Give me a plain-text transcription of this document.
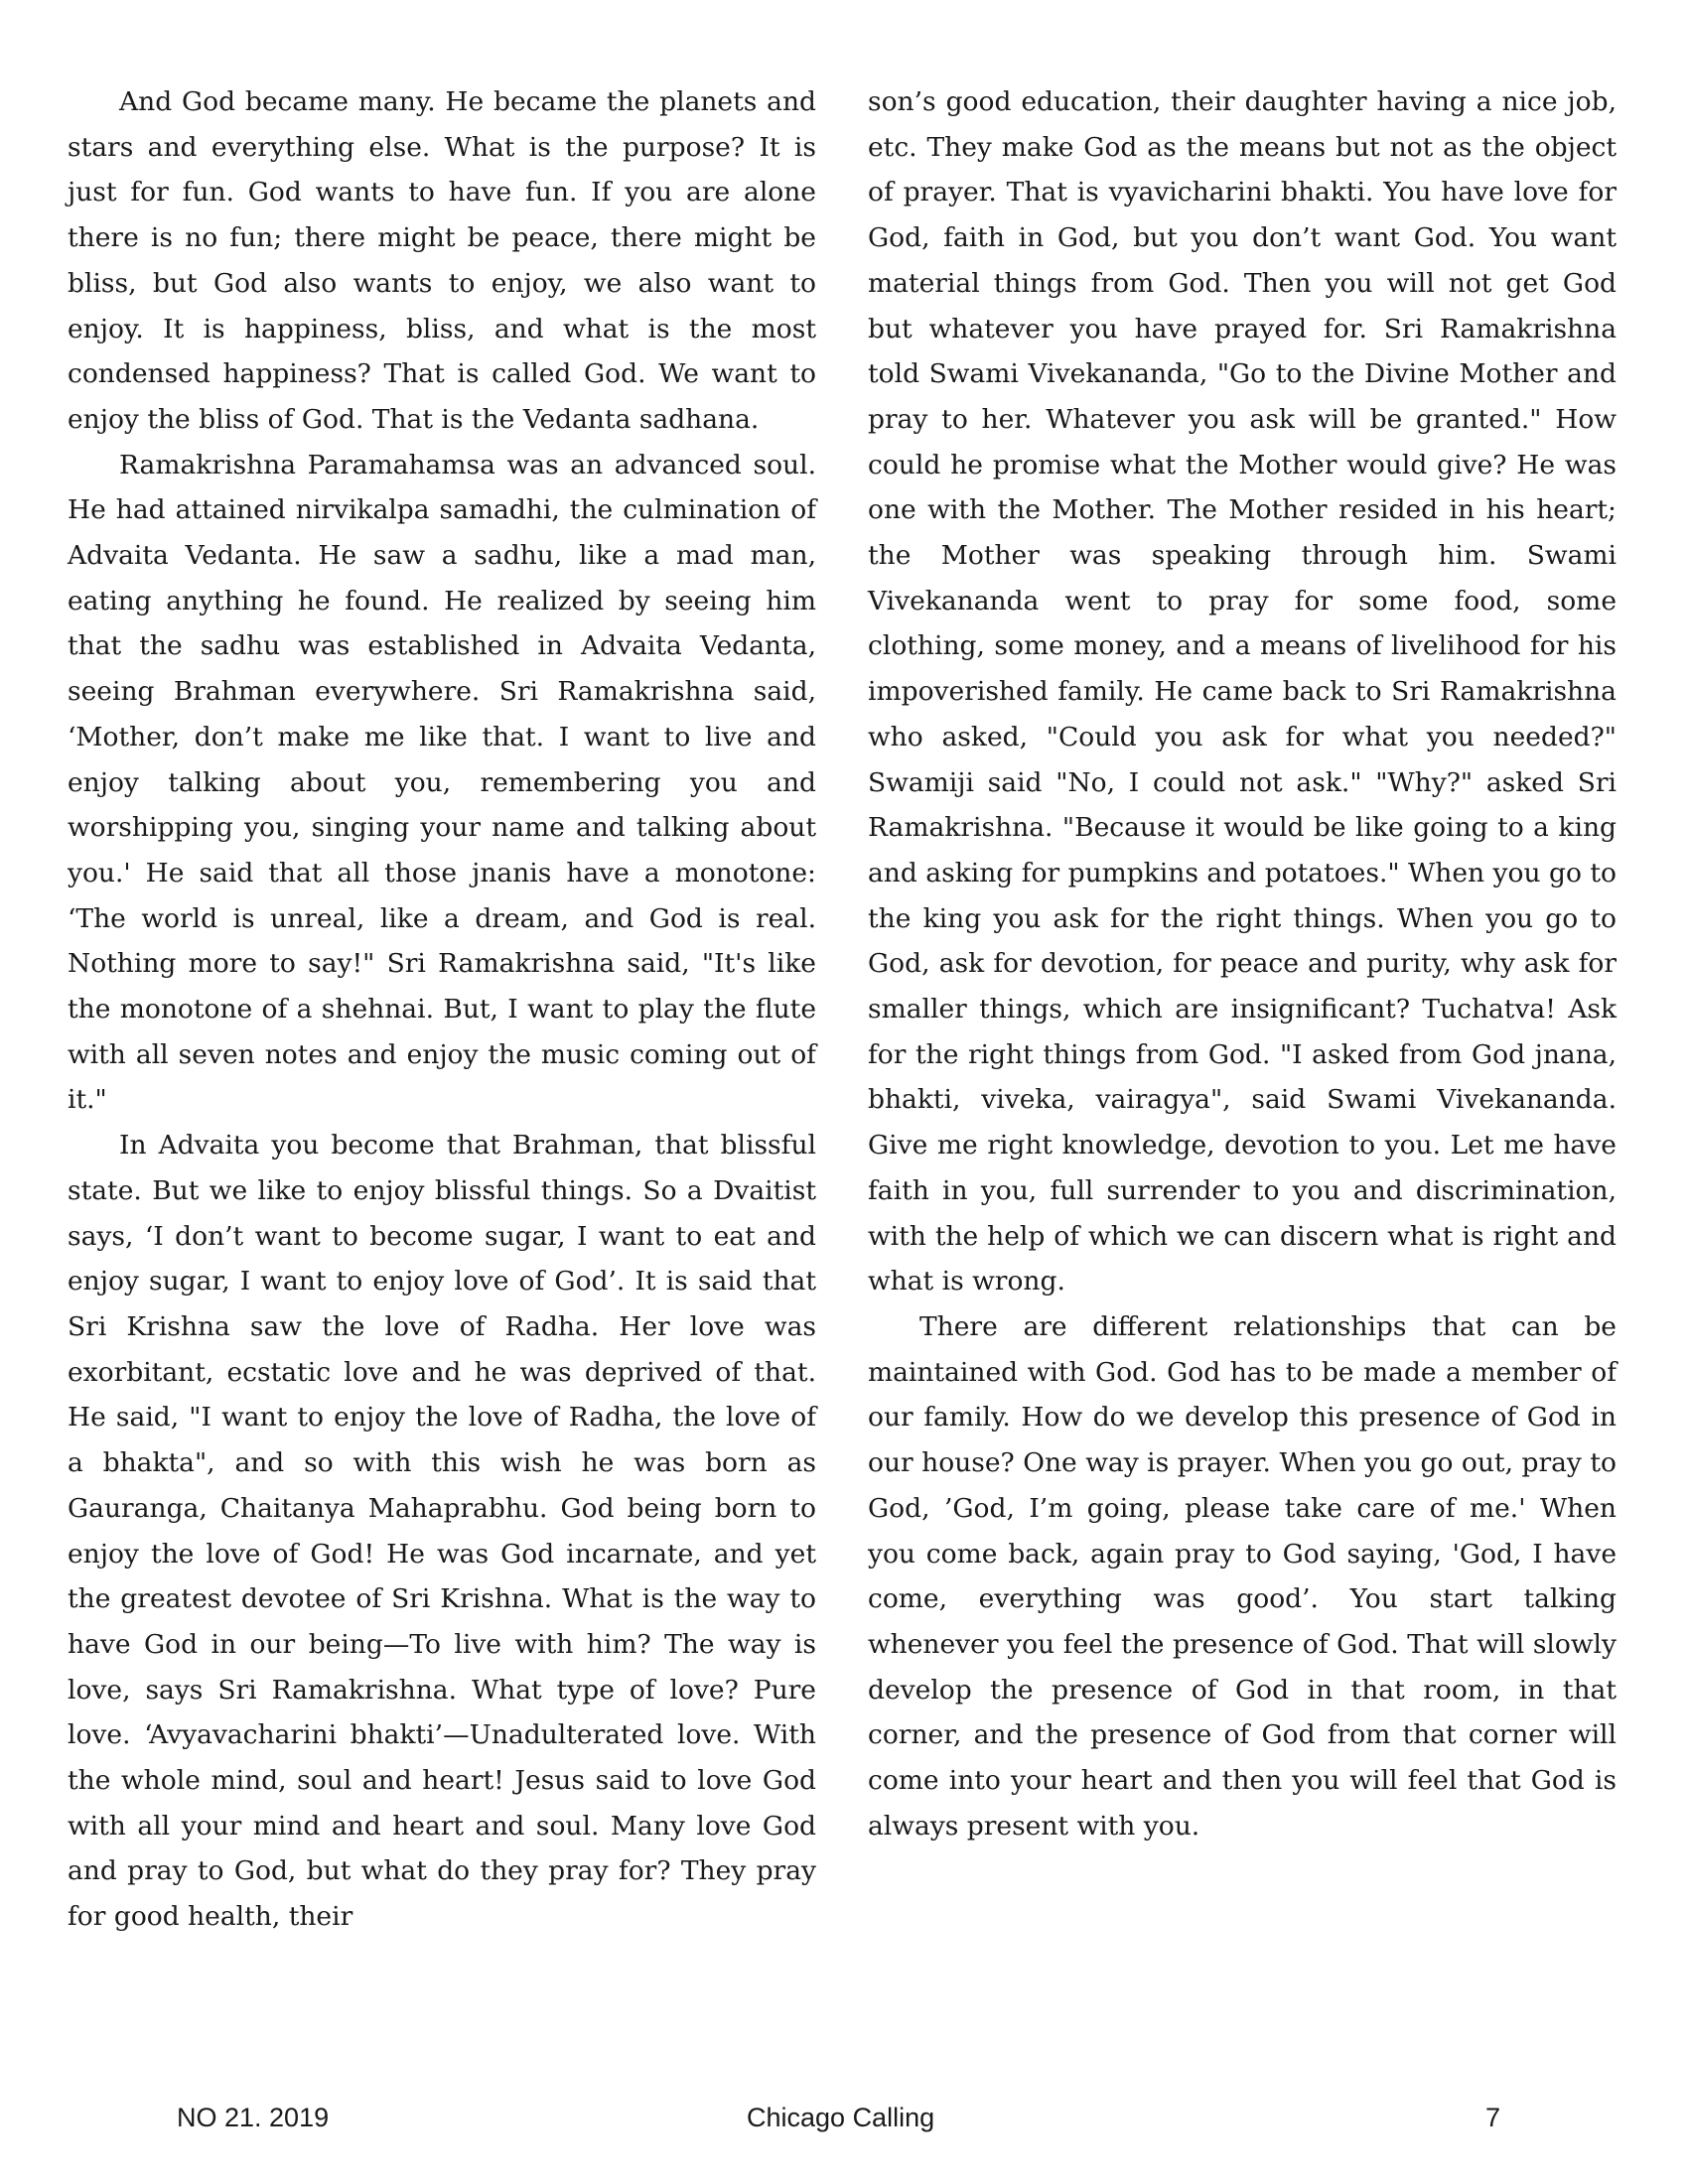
And God became many. He became the planets and stars and everything else. What is the purpose? It is just for fun. God wants to have fun. If you are alone there is no fun; there might be peace, there might be bliss, but God also wants to enjoy, we also want to enjoy. It is happiness, bliss, and what is the most condensed happiness? That is called God. We want to enjoy the bliss of God. That is the Vedanta sadhana.

Ramakrishna Paramahamsa was an advanced soul. He had attained nirvikalpa samadhi, the culmination of Advaita Vedanta. He saw a sadhu, like a mad man, eating anything he found. He realized by seeing him that the sadhu was established in Advaita Vedanta, seeing Brahman everywhere. Sri Ramakrishna said, ‘Mother, don’t make me like that. I want to live and enjoy talking about you, remembering you and worshipping you, singing your name and talking about you.' He said that all those jnanis have a monotone: ‘The world is unreal, like a dream, and God is real. Nothing more to say!" Sri Ramakrishna said, "It's like the monotone of a shehnai. But, I want to play the flute with all seven notes and enjoy the music coming out of it."

In Advaita you become that Brahman, that blissful state. But we like to enjoy blissful things. So a Dvaitist says, ‘I don’t want to become sugar, I want to eat and enjoy sugar, I want to enjoy love of God’. It is said that Sri Krishna saw the love of Radha. Her love was exorbitant, ecstatic love and he was deprived of that. He said, "I want to enjoy the love of Radha, the love of a bhakta", and so with this wish he was born as Gauranga, Chaitanya Mahaprabhu. God being born to enjoy the love of God! He was God incarnate, and yet the greatest devotee of Sri Krishna. What is the way to have God in our being—To live with him? The way is love, says Sri Ramakrishna. What type of love? Pure love. ‘Avyavacharini bhakti’—Unadulterated love. With the whole mind, soul and heart! Jesus said to love God with all your mind and heart and soul. Many love God and pray to God, but what do they pray for? They pray for good health, their

son’s good education, their daughter having a nice job, etc. They make God as the means but not as the object of prayer. That is vyavicharini bhakti. You have love for God, faith in God, but you don’t want God. You want material things from God. Then you will not get God but whatever you have prayed for. Sri Ramakrishna told Swami Vivekananda, "Go to the Divine Mother and pray to her. Whatever you ask will be granted." How could he promise what the Mother would give? He was one with the Mother. The Mother resided in his heart; the Mother was speaking through him. Swami Vivekananda went to pray for some food, some clothing, some money, and a means of livelihood for his impoverished family. He came back to Sri Ramakrishna who asked, "Could you ask for what you needed?" Swamiji said "No, I could not ask." "Why?" asked Sri Ramakrishna. "Because it would be like going to a king and asking for pumpkins and potatoes." When you go to the king you ask for the right things. When you go to God, ask for devotion, for peace and purity, why ask for smaller things, which are insignificant? Tuchatva! Ask for the right things from God. "I asked from God jnana, bhakti, viveka, vairagya", said Swami Vivekananda. Give me right knowledge, devotion to you. Let me have faith in you, full surrender to you and discrimination, with the help of which we can discern what is right and what is wrong.

There are different relationships that can be maintained with God. God has to be made a member of our family. How do we develop this presence of God in our house? One way is prayer. When you go out, pray to God, ’God, I’m going, please take care of me.' When you come back, again pray to God saying, 'God, I have come, everything was good’. You start talking whenever you feel the presence of God. That will slowly develop the presence of God in that room, in that corner, and the presence of God from that corner will come into your heart and then you will feel that God is always present with you.

NO 21. 2019	Chicago Calling	7
